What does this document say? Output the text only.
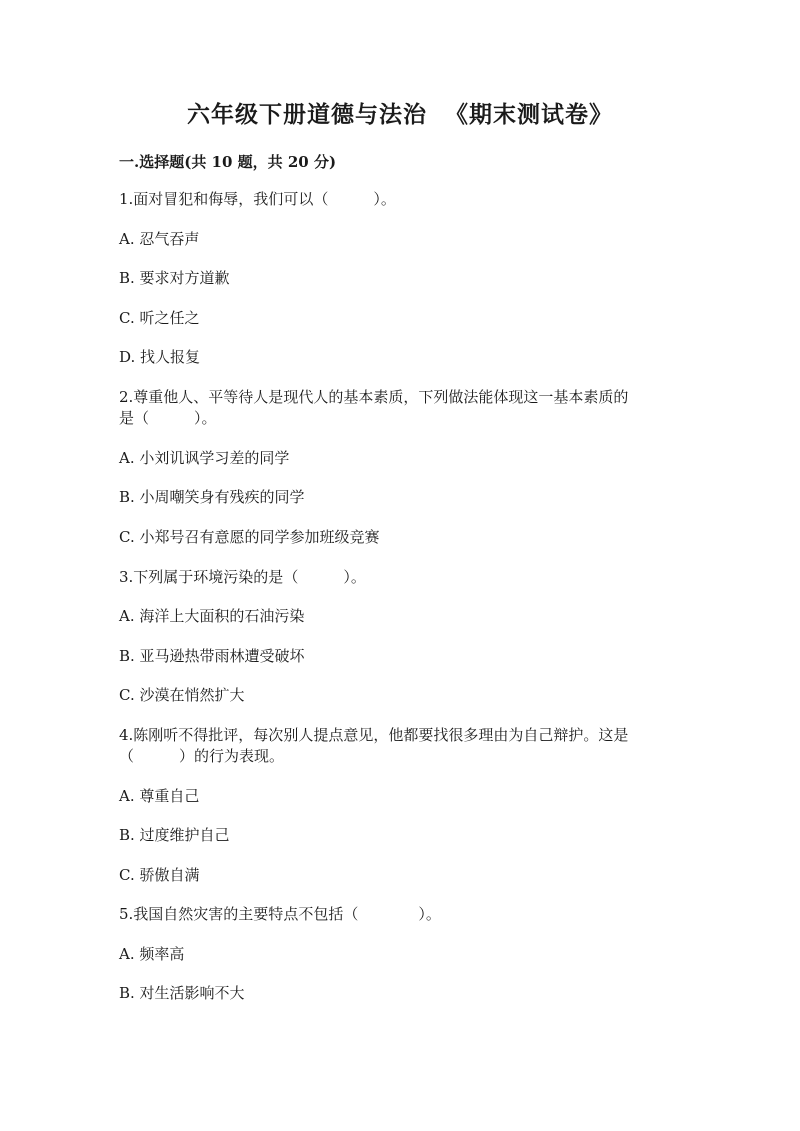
六年级下册道德与法治  《期末测试卷》
一.选择题(共 10 题，共 20 分)
1.面对冒犯和侮辱，我们可以（　　　）。
A. 忍气吞声
B. 要求对方道歉
C. 听之任之
D. 找人报复
2.尊重他人、平等待人是现代人的基本素质，下列做法能体现这一基本素质的
是（　　　）。
A. 小刘讥讽学习差的同学
B. 小周嘲笑身有残疾的同学
C. 小郑号召有意愿的同学参加班级竞赛
3.下列属于环境污染的是（　　　）。
A. 海洋上大面积的石油污染
B. 亚马逊热带雨林遭受破坏
C. 沙漠在悄然扩大
4.陈刚听不得批评，每次别人提点意见，他都要找很多理由为自己辩护。这是
（　　　）的行为表现。
A. 尊重自己
B. 过度维护自己
C. 骄傲自满
5.我国自然灾害的主要特点不包括（　　　　）。
A. 频率高
B. 对生活影响不大
